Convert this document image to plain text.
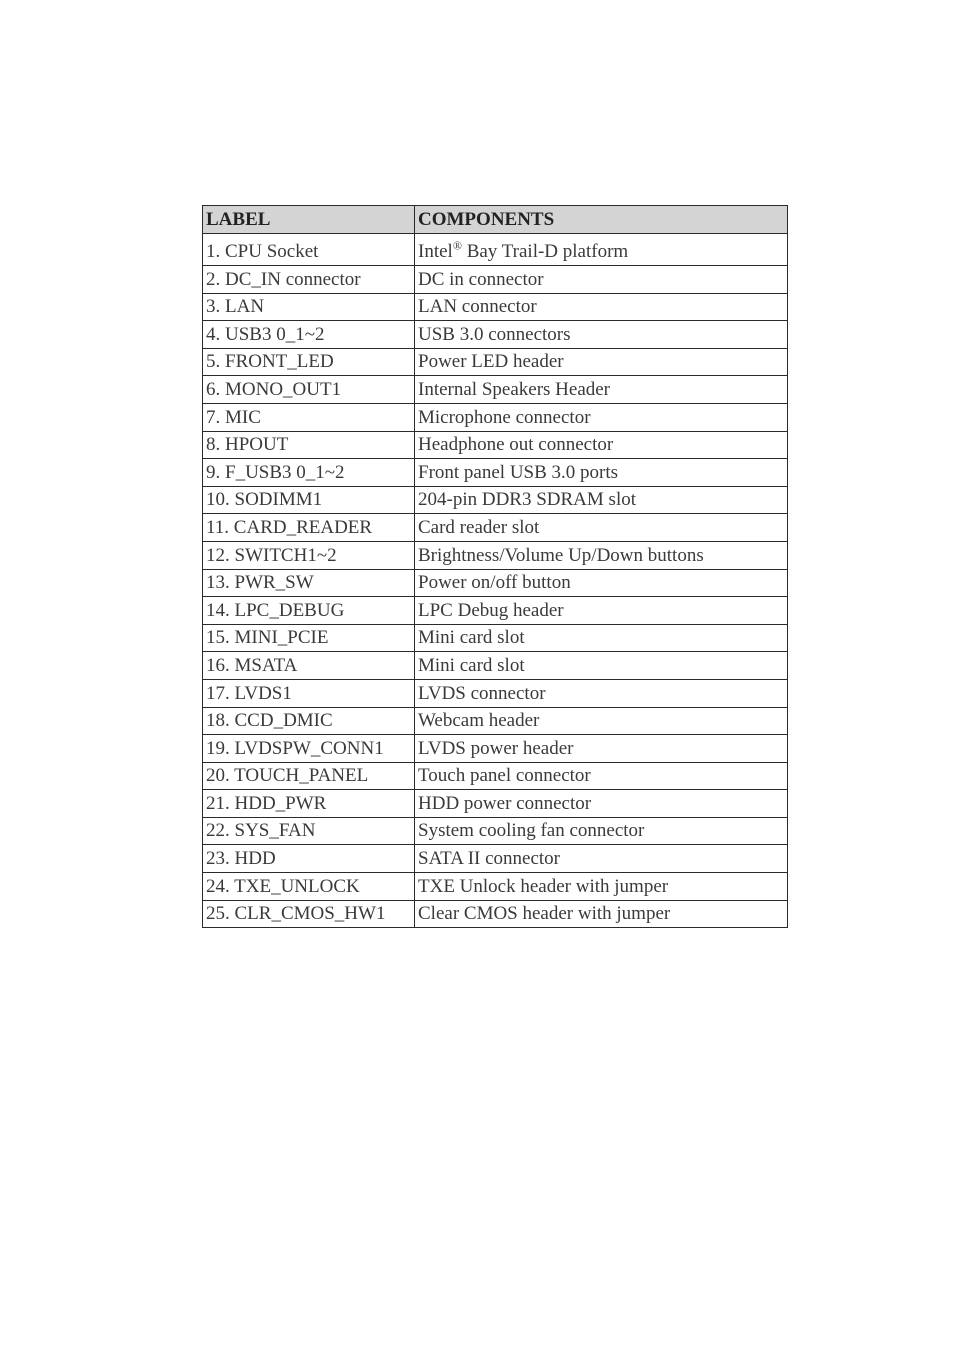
LABEL	COMPONENTS
1. CPU Socket	Intel® Bay Trail-D platform
2. DC_IN connector	DC in connector
3. LAN	LAN connector
4. USB3 0_1~2	USB 3.0 connectors
5. FRONT_LED	Power LED header
6. MONO_OUT1	Internal Speakers Header
7. MIC	Microphone connector
8. HPOUT	Headphone out connector
9. F_USB3 0_1~2	Front panel USB 3.0 ports
10. SODIMM1	204-pin DDR3 SDRAM slot
11. CARD_READER	Card reader slot
12. SWITCH1~2	Brightness/Volume Up/Down buttons
13. PWR_SW	Power on/off button
14. LPC_DEBUG	LPC Debug header
15. MINI_PCIE	Mini card slot
16. MSATA	Mini card slot
17. LVDS1	LVDS connector
18. CCD_DMIC	Webcam header
19. LVDSPW_CONN1	LVDS power header
20. TOUCH_PANEL	Touch panel connector
21. HDD_PWR	HDD power connector
22. SYS_FAN	System cooling fan connector
23. HDD	SATA II connector
24. TXE_UNLOCK	TXE Unlock header with jumper
25. CLR_CMOS_HW1	Clear CMOS header with jumper
